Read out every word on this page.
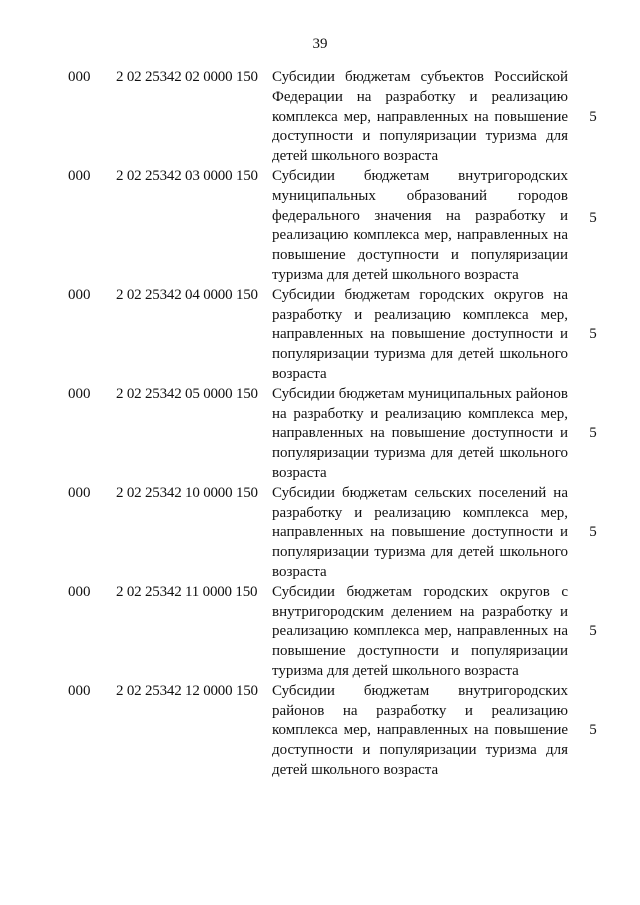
39
000	2 02 25342 02 0000 150 Субсидии бюджетам субъектов Российской Федерации на разработку и реализацию комплекса мер, направленных на повышение доступности и популяризации туризма для детей школьного возраста
5
000	2 02 25342 03 0000 150 Субсидии бюджетам внутригородских муниципальных образований городов федерального значения на разработку и реализацию комплекса мер, направленных на повышение доступности и популяризации туризма для детей школьного возраста
5
000	2 02 25342 04 0000 150 Субсидии бюджетам городских округов на разработку и реализацию комплекса мер, направленных на повышение доступности и популяризации туризма для детей школьного возраста
5
000	2 02 25342 05 0000 150 Субсидии бюджетам муниципальных районов на разработку и реализацию комплекса мер, направленных на повышение доступности и популяризации туризма для детей школьного возраста
5
000	2 02 25342 10 0000 150 Субсидии бюджетам сельских поселений на разработку и реализацию комплекса мер, направленных на повышение доступности и популяризации туризма для детей школьного возраста
5
000	2 02 25342 11 0000 150 Субсидии бюджетам городских округов с внутригородским делением на разработку и реализацию комплекса мер, направленных на повышение доступности и популяризации туризма для детей школьного возраста
5
000	2 02 25342 12 0000 150 Субсидии бюджетам внутригородских районов на разработку и реализацию комплекса мер, направленных на повышение доступности и популяризации туризма для детей школьного возраста
5
